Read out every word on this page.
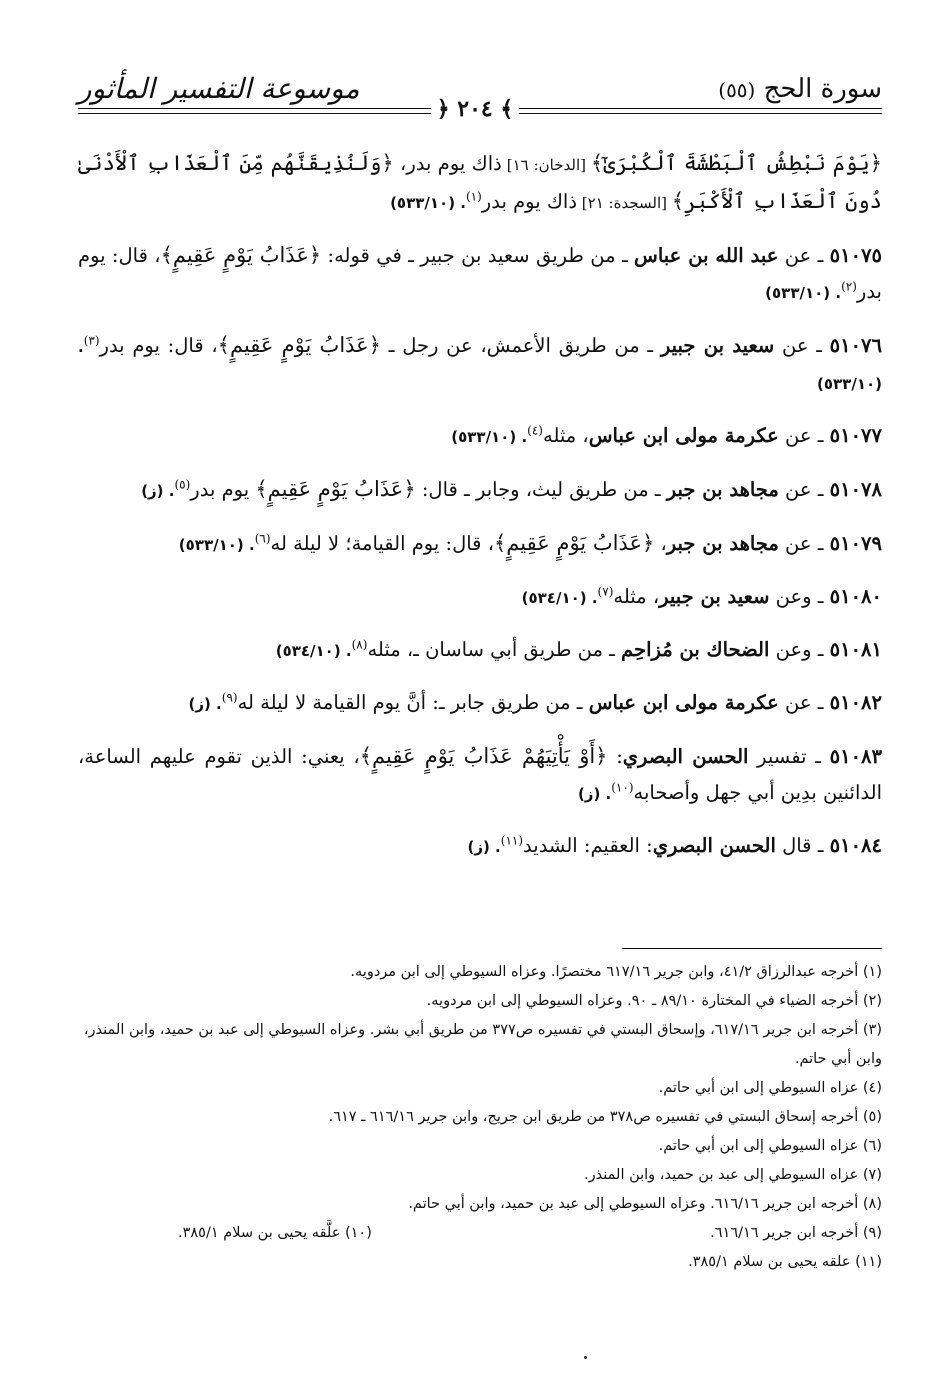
سورة الحج (٥٥)
موسوعة التفسير المأثور
﴾ ٢٠٤ ﴿

﴿يَوْمَ نَبْطِشُ ٱلْبَطْشَةَ ٱلْكُبْرَىٰٓ﴾ [الدخان: ١٦] ذاك يوم بدر، ﴿وَلَنُذِيقَنَّهُم مِّنَ ٱلْعَذَابِ ٱلْأَدْنَىٰ دُونَ ٱلْعَذَابِ ٱلْأَكْبَرِ﴾ [السجدة: ٢١] ذاك يوم بدر$^{(١)}$. (٥٣٣/١٠)

٥١٠٧٥ ـ عن عبد الله بن عباس ـ من طريق سعيد بن جبير ـ في قوله: ﴿عَذَابُ يَوْمٍ عَقِيمٍ﴾، قال: يوم بدر$^{(٢)}$. (٥٣٣/١٠)

٥١٠٧٦ ـ عن سعيد بن جبير ـ من طريق الأعمش، عن رجل ـ ﴿عَذَابُ يَوْمٍ عَقِيمٍ﴾، قال: يوم بدر$^{(٣)}$. (٥٣٣/١٠)

٥١٠٧٧ ـ عن عكرمة مولى ابن عباس، مثله$^{(٤)}$. (٥٣٣/١٠)

٥١٠٧٨ ـ عن مجاهد بن جبر ـ من طريق ليث، وجابر ـ قال: ﴿عَذَابُ يَوْمٍ عَقِيمٍ﴾ يوم بدر$^{(٥)}$. (ز)

٥١٠٧٩ ـ عن مجاهد بن جبر، ﴿عَذَابُ يَوْمٍ عَقِيمٍ﴾، قال: يوم القيامة؛ لا ليلة له$^{(٦)}$. (٥٣٣/١٠)

٥١٠٨٠ ـ وعن سعيد بن جبير، مثله$^{(٧)}$. (٥٣٤/١٠)

٥١٠٨١ ـ وعن الضحاك بن مُزاحِم ـ من طريق أبي ساسان ـ، مثله$^{(٨)}$. (٥٣٤/١٠)

٥١٠٨٢ ـ عن عكرمة مولى ابن عباس ـ من طريق جابر ـ: أنَّ يوم القيامة لا ليلة له$^{(٩)}$. (ز)

٥١٠٨٣ ـ تفسير الحسن البصري: ﴿أَوْ يَأْتِيَهُمْ عَذَابُ يَوْمٍ عَقِيمٍ﴾، يعني: الذين تقوم عليهم الساعة، الدائنين بدِين أبي جهل وأصحابه$^{(١٠)}$. (ز)

٥١٠٨٤ ـ قال الحسن البصري: العقيم: الشديد$^{(١١)}$. (ز)

(١) أخرجه عبدالرزاق ٤١/٢، وابن جرير ٦١٧/١٦ مختصرًا. وعزاه السيوطي إلى ابن مردويه.

(٢) أخرجه الضياء في المختارة ٨٩/١٠ ـ ٩٠. وعزاه السيوطي إلى ابن مردويه.

(٣) أخرجه ابن جرير ٦١٧/١٦، وإسحاق البستي في تفسيره ص٣٧٧ من طريق أبي بشر. وعزاه السيوطي إلى عبد بن حميد، وابن المنذر، وابن أبي حاتم.

(٤) عزاه السيوطي إلى ابن أبي حاتم.

(٥) أخرجه إسحاق البستي في تفسيره ص٣٧٨ من طريق ابن جريج، وابن جرير ٦١٦/١٦ ـ ٦١٧.

(٦) عزاه السيوطي إلى ابن أبي حاتم.

(٧) عزاه السيوطي إلى عبد بن حميد، وابن المنذر.

(٨) أخرجه ابن جرير ٦١٦/١٦. وعزاه السيوطي إلى عبد بن حميد، وابن أبي حاتم.

(٩) أخرجه ابن جرير ٦١٦/١٦.

(١٠) علَّقه يحيى بن سلام ٣٨٥/١.

(١١) علقه يحيى بن سلام ٣٨٥/١.
